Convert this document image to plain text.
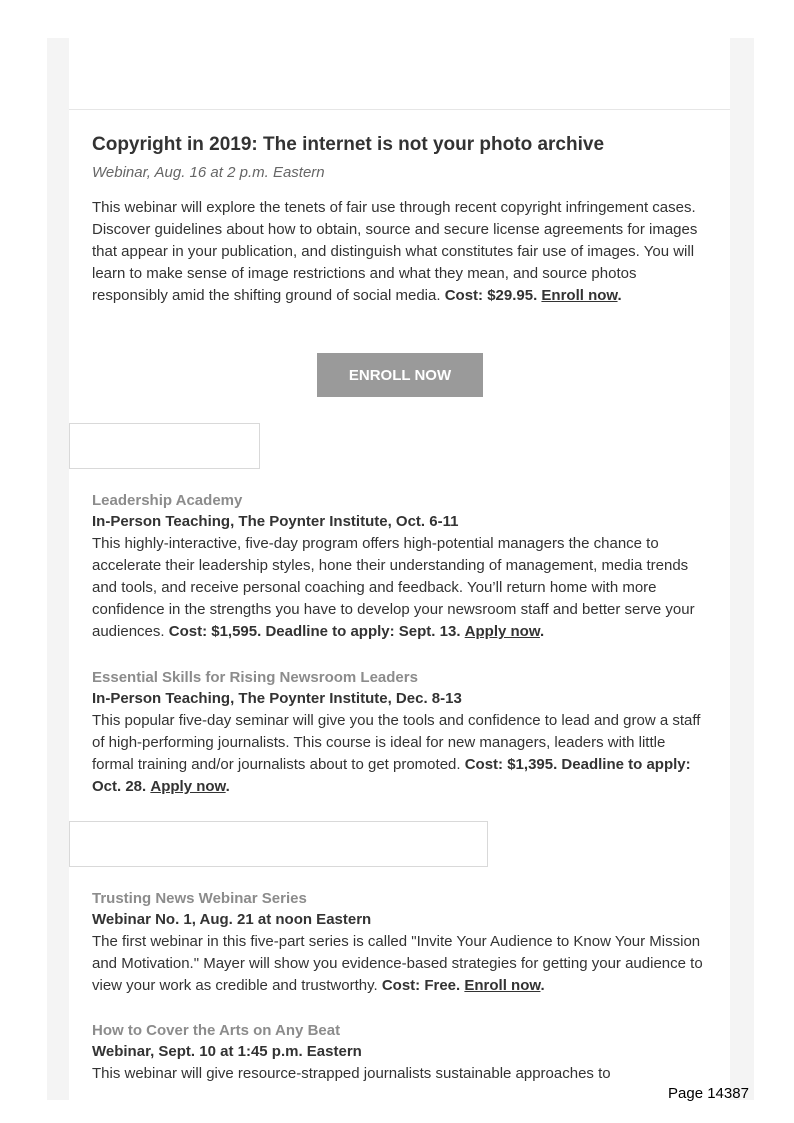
Copyright in 2019: The internet is not your photo archive
Webinar, Aug. 16 at 2 p.m. Eastern

This webinar will explore the tenets of fair use through recent copyright infringement cases. Discover guidelines about how to obtain, source and secure license agreements for images that appear in your publication, and distinguish what constitutes fair use of images. You will learn to make sense of image restrictions and what they mean, and source photos responsibly amid the shifting ground of social media. Cost: $29.95. Enroll now.

ENROLL NOW
Leadership Academy
In-Person Teaching, The Poynter Institute, Oct. 6-11

This highly-interactive, five-day program offers high-potential managers the chance to accelerate their leadership styles, hone their understanding of management, media trends and tools, and receive personal coaching and feedback. You’ll return home with more confidence in the strengths you have to develop your newsroom staff and better serve your audiences. Cost: $1,595. Deadline to apply: Sept. 13. Apply now.

Essential Skills for Rising Newsroom Leaders
In-Person Teaching, The Poynter Institute, Dec. 8-13

This popular five-day seminar will give you the tools and confidence to lead and grow a staff of high-performing journalists. This course is ideal for new managers, leaders with little formal training and/or journalists about to get promoted. Cost: $1,395. Deadline to apply: Oct. 28. Apply now.

Trusting News Webinar Series
Webinar No. 1, Aug. 21 at noon Eastern

The first webinar in this five-part series is called "Invite Your Audience to Know Your Mission and Motivation." Mayer will show you evidence-based strategies for getting your audience to view your work as credible and trustworthy. Cost: Free. Enroll now.

How to Cover the Arts on Any Beat
Webinar, Sept. 10 at 1:45 p.m. Eastern

This webinar will give resource-strapped journalists sustainable approaches to

Page 14387
